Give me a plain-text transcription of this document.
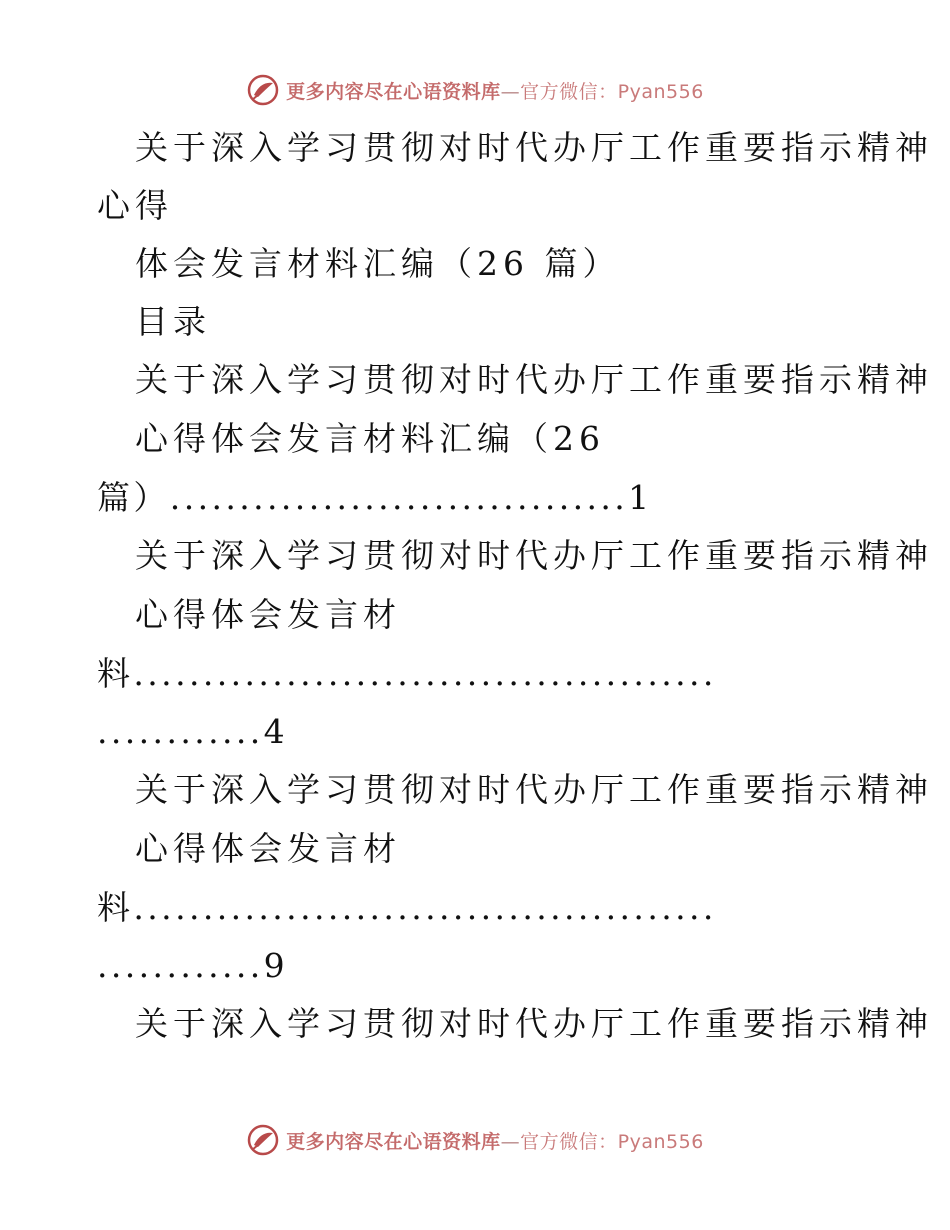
更多内容尽在心语资料库—官方微信：Pyan556
关于深入学习贯彻对时代办厅工作重要指示精神
心得
体会发言材料汇编（26 篇）
目录
关于深入学习贯彻对时代办厅工作重要指示精神
心得体会发言材料汇编（26
篇）.................................1
关于深入学习贯彻对时代办厅工作重要指示精神
心得体会发言材
料..........................................
............4
关于深入学习贯彻对时代办厅工作重要指示精神
心得体会发言材
料..........................................
............9
关于深入学习贯彻对时代办厅工作重要指示精神
更多内容尽在心语资料库—官方微信：Pyan556
